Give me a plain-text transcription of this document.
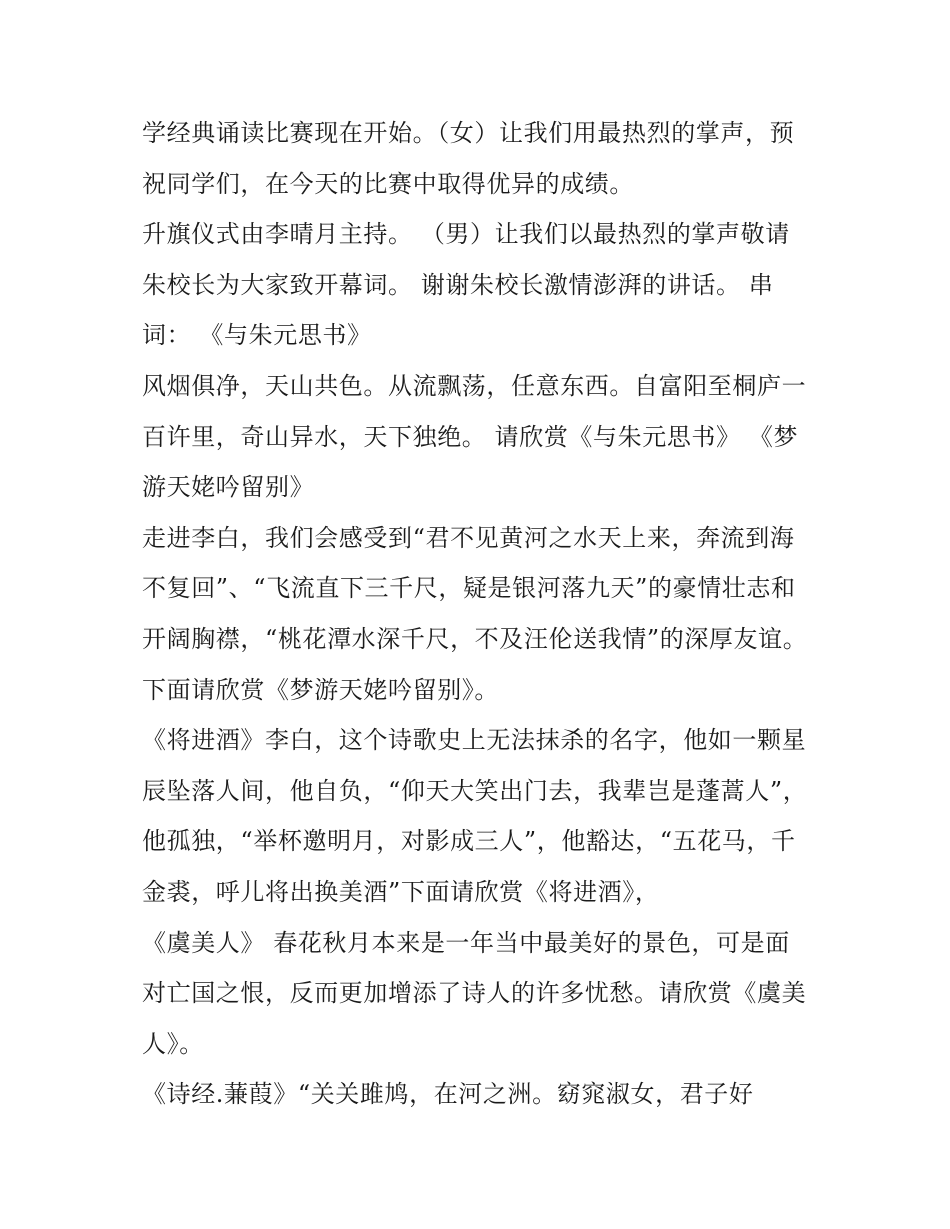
学经典诵读比赛现在开始。（女）让我们用最热烈的掌声，预
祝同学们，在今天的比赛中取得优异的成绩。
升旗仪式由李晴月主持。 （男）让我们以最热烈的掌声敬请
朱校长为大家致开幕词。 谢谢朱校长激情澎湃的讲话。 串
词： 《与朱元思书》
风烟俱净，天山共色。从流飘荡，任意东西。自富阳至桐庐一
百许里，奇山异水，天下独绝。 请欣赏《与朱元思书》 《梦
游天姥吟留别》
走进李白，我们会感受到“君不见黄河之水天上来，奔流到海
不复回”、“飞流直下三千尺，疑是银河落九天”的豪情壮志和
开阔胸襟，“桃花潭水深千尺，不及汪伦送我情”的深厚友谊。
下面请欣赏《梦游天姥吟留别》。
《将进酒》李白，这个诗歌史上无法抹杀的名字，他如一颗星
辰坠落人间，他自负，“仰天大笑出门去，我辈岂是蓬蒿人”，
他孤独，“举杯邀明月，对影成三人”，他豁达，“五花马，千
金裘，呼儿将出换美酒”下面请欣赏《将进酒》，
《虞美人》 春花秋月本来是一年当中最美好的景色，可是面
对亡国之恨，反而更加增添了诗人的许多忧愁。请欣赏《虞美
人》。
《诗经.蒹葭》“关关雎鸠，在河之洲。窈窕淑女，君子好
